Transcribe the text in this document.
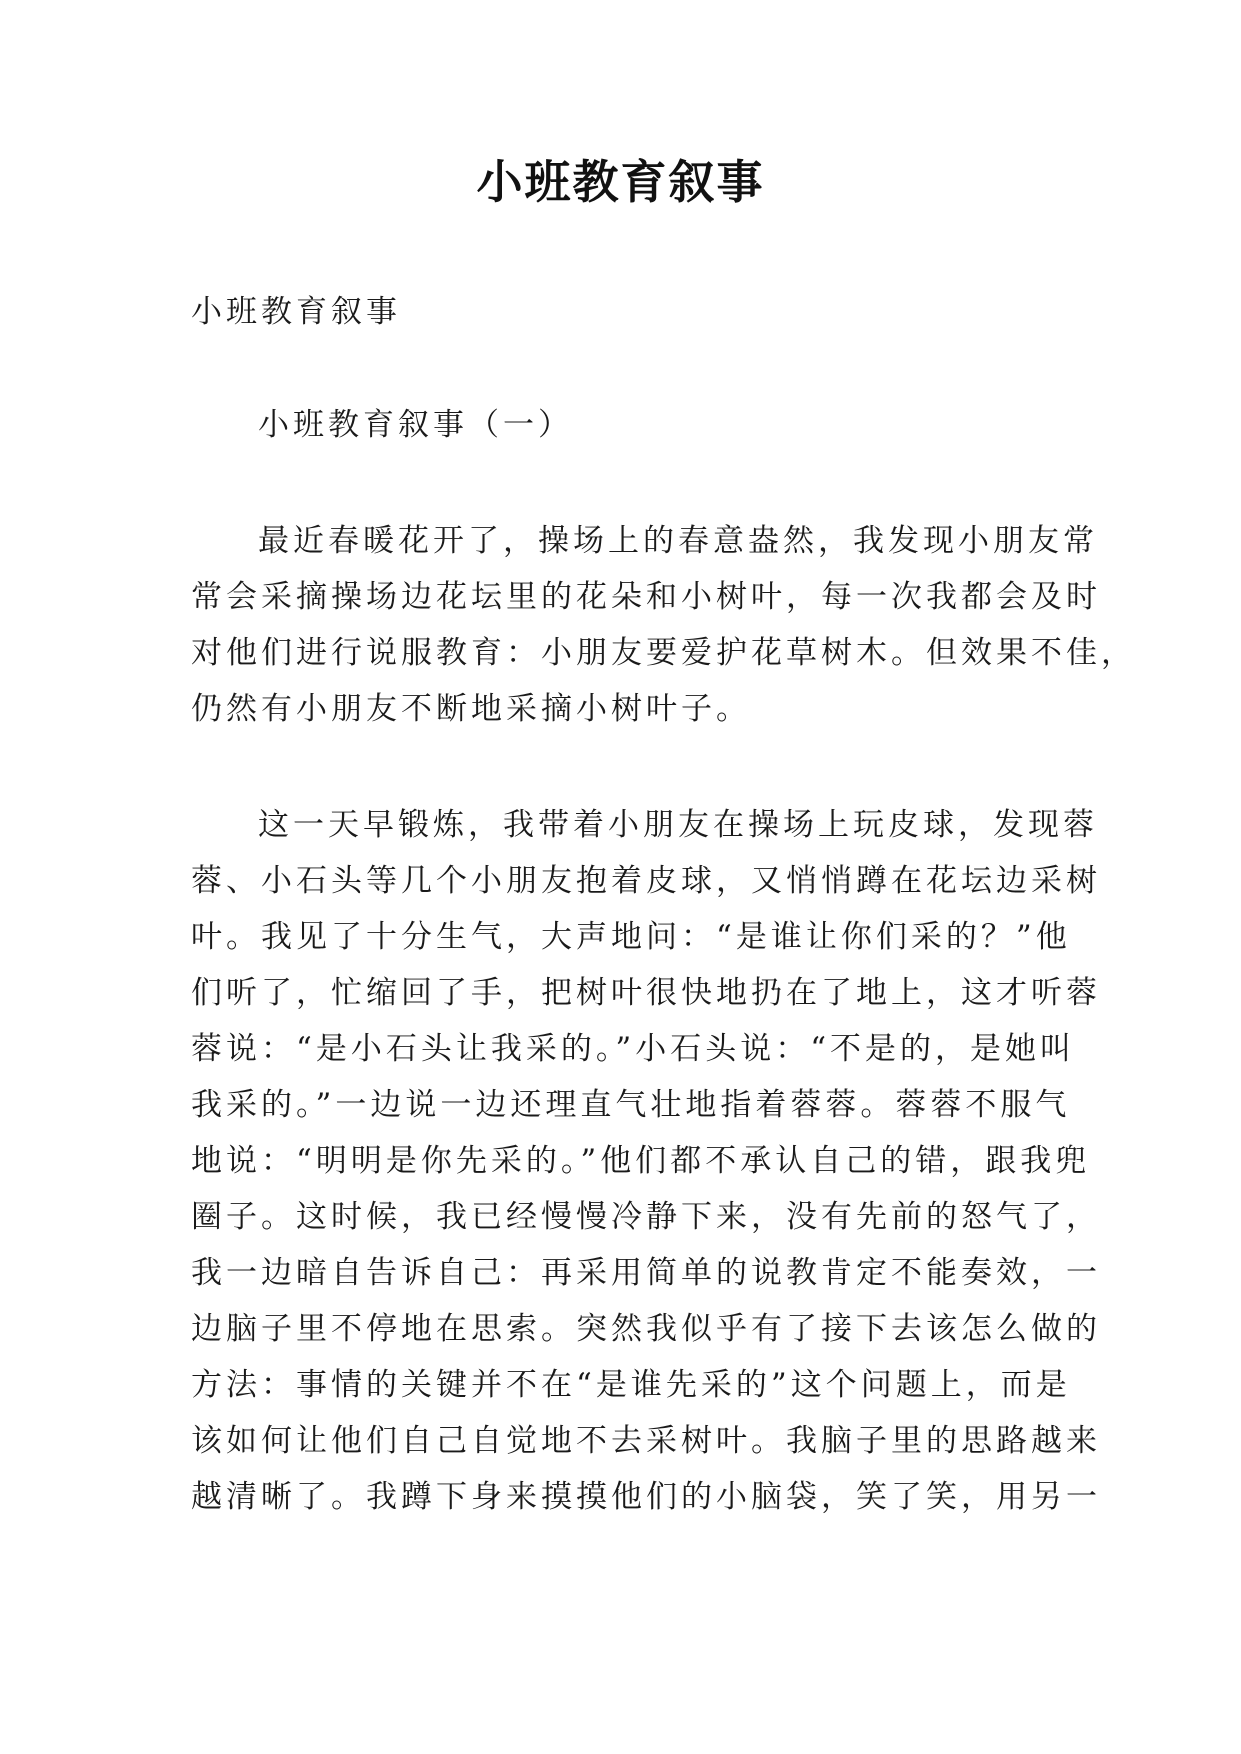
小班教育叙事
小班教育叙事
小班教育叙事（一）
最近春暖花开了，操场上的春意盎然，我发现小朋友常
常会采摘操场边花坛里的花朵和小树叶，每一次我都会及时
对他们进行说服教育：小朋友要爱护花草树木。但效果不佳，
仍然有小朋友不断地采摘小树叶子。
这一天早锻炼，我带着小朋友在操场上玩皮球，发现蓉
蓉、小石头等几个小朋友抱着皮球，又悄悄蹲在花坛边采树
叶。我见了十分生气，大声地问：“是谁让你们采的？”他
们听了，忙缩回了手，把树叶很快地扔在了地上，这才听蓉
蓉说：“是小石头让我采的。”小石头说：“不是的，是她叫
我采的。”一边说一边还理直气壮地指着蓉蓉。蓉蓉不服气
地说：“明明是你先采的。”他们都不承认自己的错，跟我兜
圈子。这时候，我已经慢慢冷静下来，没有先前的怒气了，
我一边暗自告诉自己：再采用简单的说教肯定不能奏效，一
边脑子里不停地在思索。突然我似乎有了接下去该怎么做的
方法：事情的关键并不在“是谁先采的”这个问题上，而是
该如何让他们自己自觉地不去采树叶。我脑子里的思路越来
越清晰了。我蹲下身来摸摸他们的小脑袋，笑了笑，用另一
